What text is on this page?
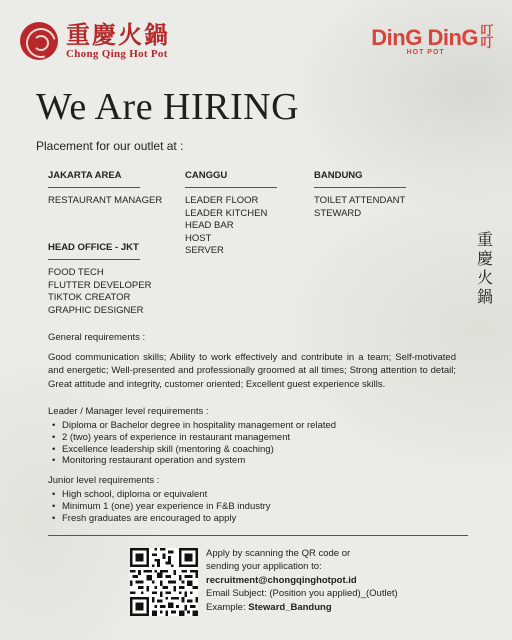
重慶火鍋
Chong Qing Hot Pot
DinG DinG 叮叮
HOT POT
We Are HIRING
Placement for our outlet at :
JAKARTA AREA
RESTAURANT MANAGER
CANGGU
LEADER FLOOR
LEADER KITCHEN
HEAD BAR
HOST
SERVER
BANDUNG
TOILET ATTENDANT
STEWARD
HEAD OFFICE - JKT
FOOD TECH
FLUTTER DEVELOPER
TIKTOK CREATOR
GRAPHIC DESIGNER
重
慶
火
鍋
General requirements :
Good communication skills; Ability to work effectively and contribute in a team; Self-motivated and energetic; Well-presented and professionally groomed at all times; Strong attention to detail; Great attitude and integrity, customer oriented; Excellent guest experience skills.
Leader / Manager level requirements :
• Diploma or Bachelor degree in hospitality management or related
• 2 (two) years of experience in restaurant management
• Excellence leadership skill (mentoring & coaching)
• Monitoring restaurant operation and system
Junior level requirements :
• High school, diploma or equivalent
• Minimum 1 (one) year experience in F&B industry
• Fresh graduates are encouraged to apply
Apply by scanning the QR code or
sending your application to:
recruitment@chongqinghotpot.id
Email Subject: (Position you applied)_(Outlet)
Example: Steward_Bandung
